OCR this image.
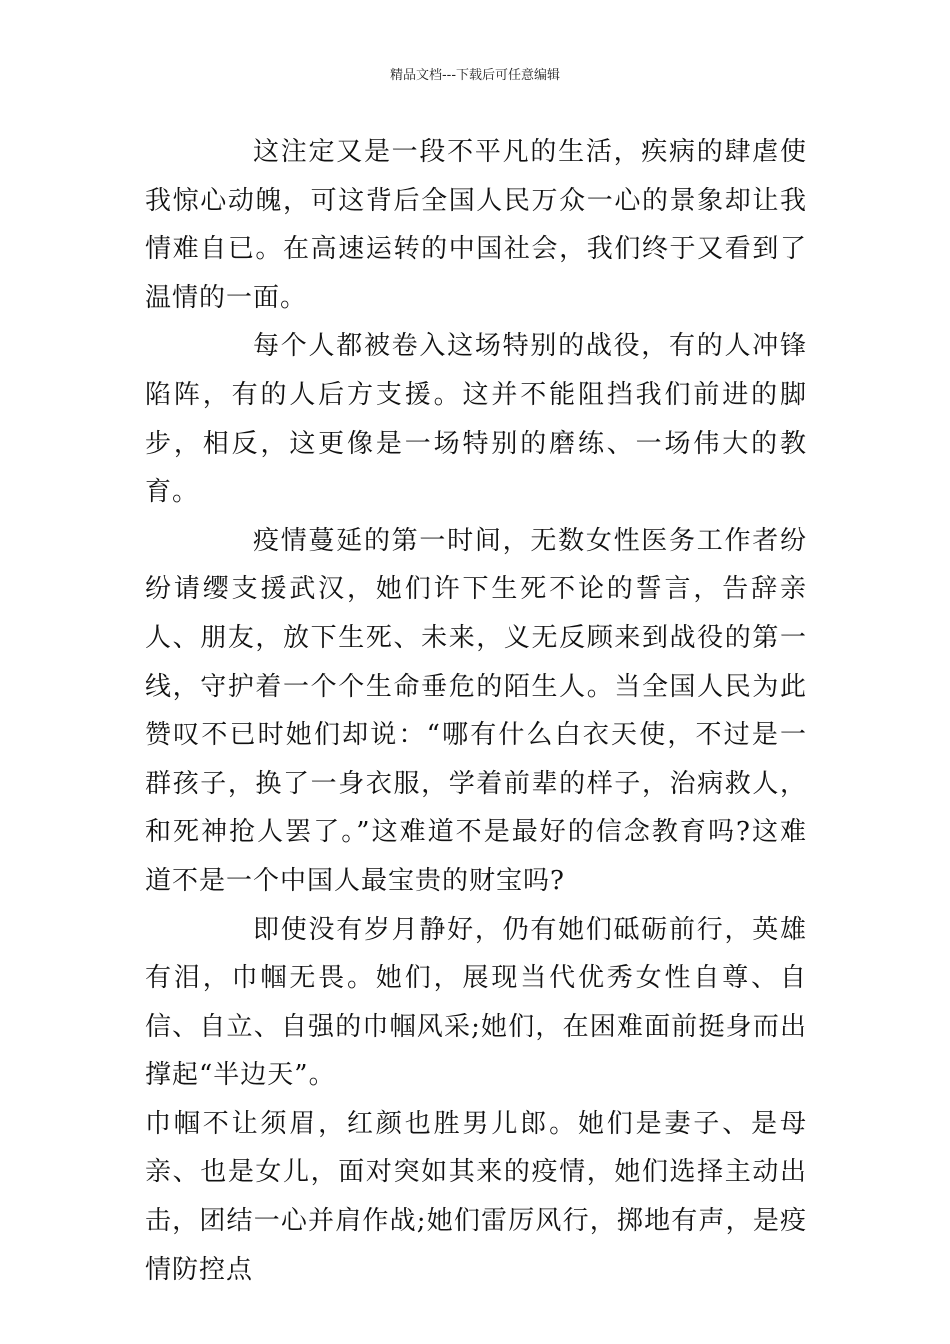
精品文档---下载后可任意编辑

这注定又是一段不平凡的生活，疾病的肆虐使我惊心动魄，可这背后全国人民万众一心的景象却让我情难自已。在高速运转的中国社会，我们终于又看到了温情的一面。

每个人都被卷入这场特别的战役，有的人冲锋陷阵，有的人后方支援。这并不能阻挡我们前进的脚步，相反，这更像是一场特别的磨练、一场伟大的教育。

疫情蔓延的第一时间，无数女性医务工作者纷纷请缨支援武汉，她们许下生死不论的誓言，告辞亲人、朋友，放下生死、未来，义无反顾来到战役的第一线，守护着一个个生命垂危的陌生人。当全国人民为此赞叹不已时她们却说：“哪有什么白衣天使，不过是一群孩子，换了一身衣服，学着前辈的样子，治病救人，和死神抢人罢了。”这难道不是最好的信念教育吗?这难道不是一个中国人最宝贵的财宝吗?

即使没有岁月静好，仍有她们砥砺前行，英雄有泪，巾帼无畏。她们，展现当代优秀女性自尊、自信、自立、自强的巾帼风采;她们，在困难面前挺身而出撑起“半边天”。

巾帼不让须眉，红颜也胜男儿郎。她们是妻子、是母亲、也是女儿，面对突如其来的疫情，她们选择主动出击，团结一心并肩作战;她们雷厉风行，掷地有声，是疫情防控点
